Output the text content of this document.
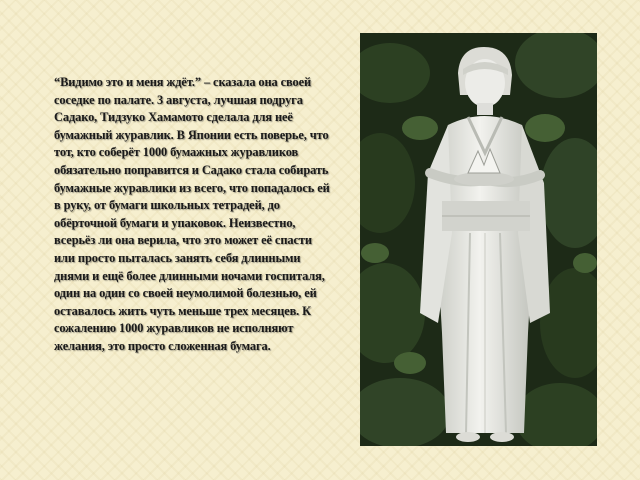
“Видимо это и меня ждёт.” – сказала она своей соседке по палате. 3 августа, лучшая подруга Садако, Тидзуко Хамамото сделала для неё бумажный журавлик. В Японии есть поверье, что тот, кто соберёт 1000 бумажных журавликов обязательно поправится и Садако стала собирать бумажные журавлики из всего, что попадалось ей в руку, от бумаги школьных тетрадей, до обёрточной бумаги и упаковок. Неизвестно, всерьёз ли она верила, что это может её спасти или просто пыталась занять себя длинными днями и ещё более длинными ночами госпиталя, один на один со своей неумолимой болезнью, ей оставалось жить чуть меньше трех месяцев. К сожалению 1000 журавликов не исполняют желания, это просто сложенная бумага.
